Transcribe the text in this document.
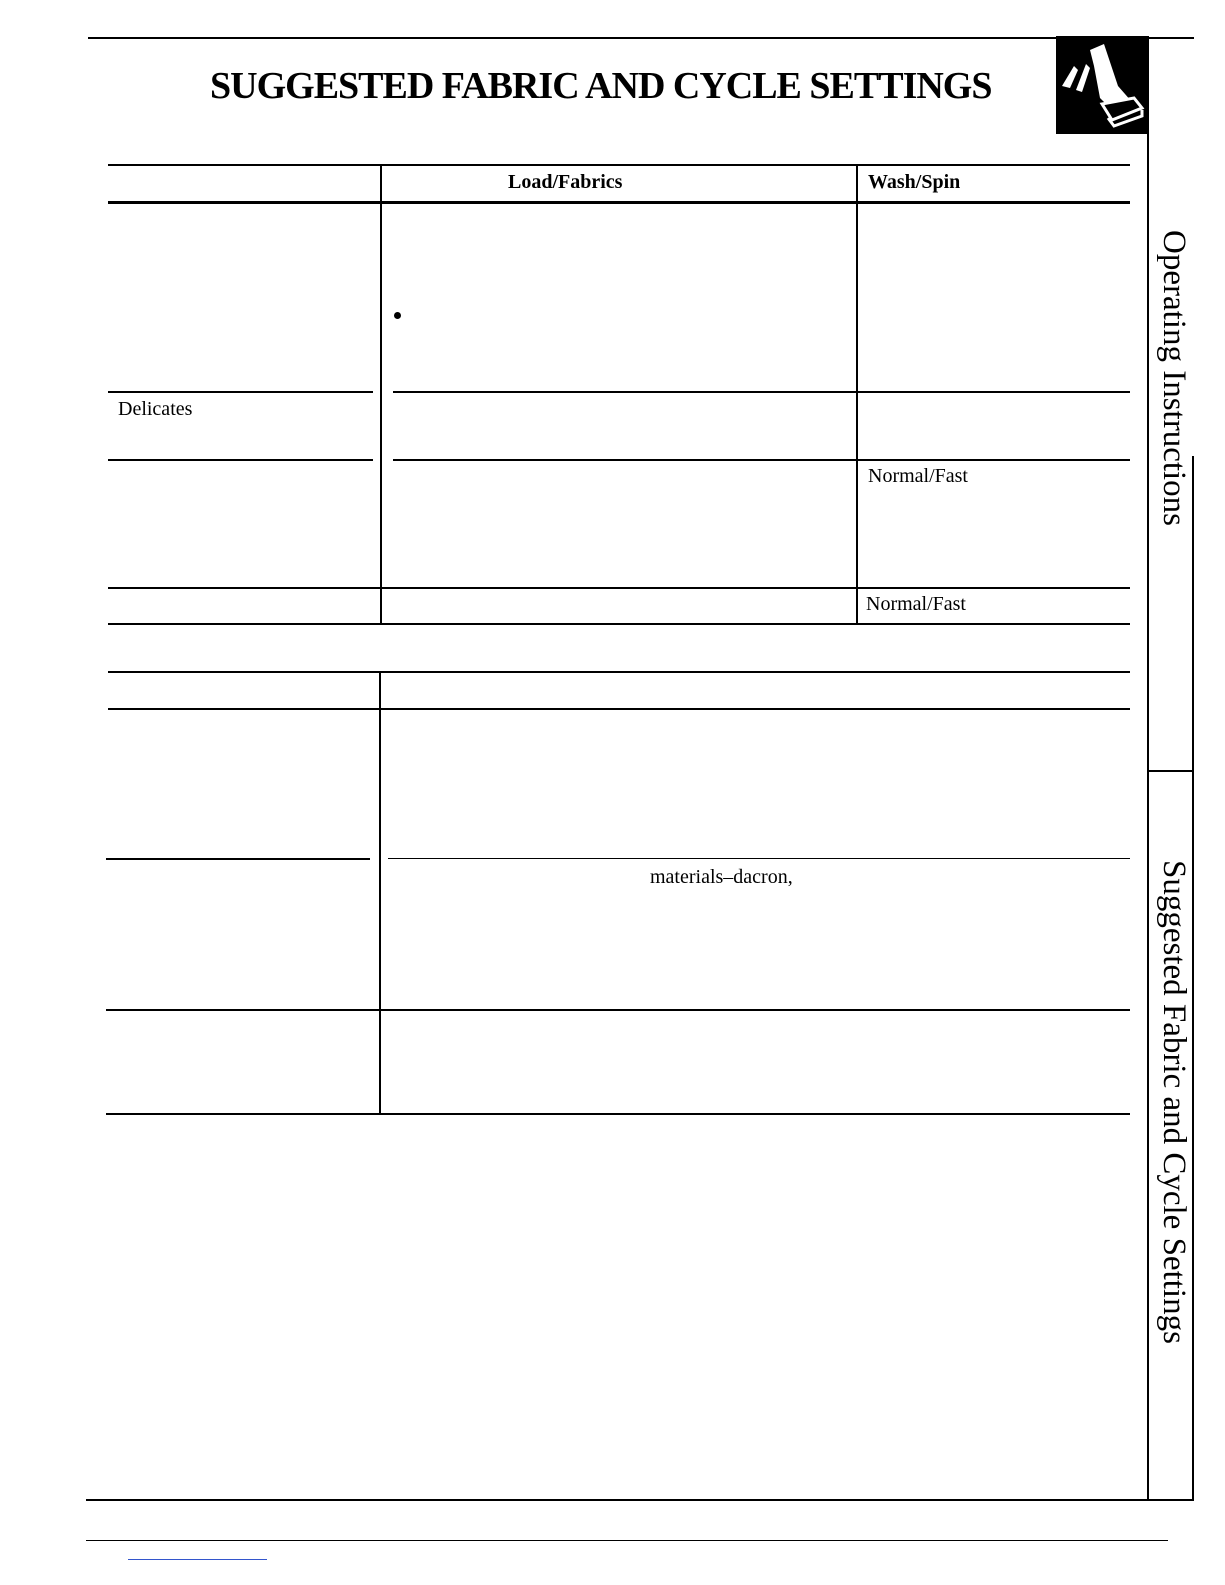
SUGGESTED FABRIC AND CYCLE SETTINGS
Operating Instructions
Suggested Fabric and Cycle Settings
Load/Fabrics	Wash/Spin
Delicates
Normal/Fast
Normal/Fast
materials–dacron,
